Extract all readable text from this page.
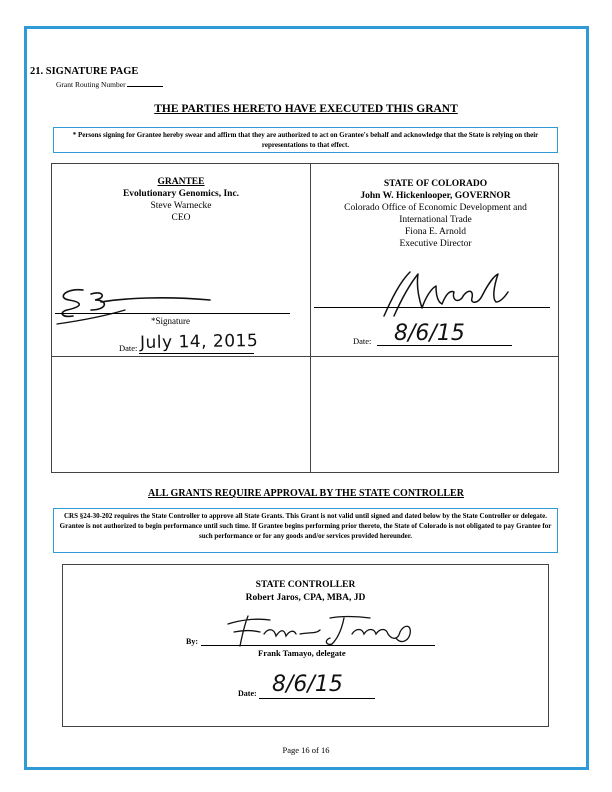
21. SIGNATURE PAGE
Grant Routing Number
THE PARTIES HERETO HAVE EXECUTED THIS GRANT
* Persons signing for Grantee hereby swear and affirm that they are authorized to act on Grantee's behalf and acknowledge that the State is relying on their representations to that effect.
GRANTEE
Evolutionary Genomics, Inc.
Steve Warnecke
CEO
STATE OF COLORADO
John W. Hickenlooper, GOVERNOR
Colorado Office of Economic Development and
International Trade
Fiona E. Arnold
Executive Director
*Signature
Date: July 14, 2015	Date: 8/6/15
ALL GRANTS REQUIRE APPROVAL BY THE STATE CONTROLLER
CRS §24-30-202 requires the State Controller to approve all State Grants. This Grant is not valid until signed and dated below by the State Controller or delegate. Grantee is not authorized to begin performance until such time. If Grantee begins performing prior thereto, the State of Colorado is not obligated to pay Grantee for such performance or for any goods and/or services provided hereunder.
STATE CONTROLLER
Robert Jaros, CPA, MBA, JD
By:
Frank Tamayo, delegate
Date: 8/6/15
Page 16 of 16
